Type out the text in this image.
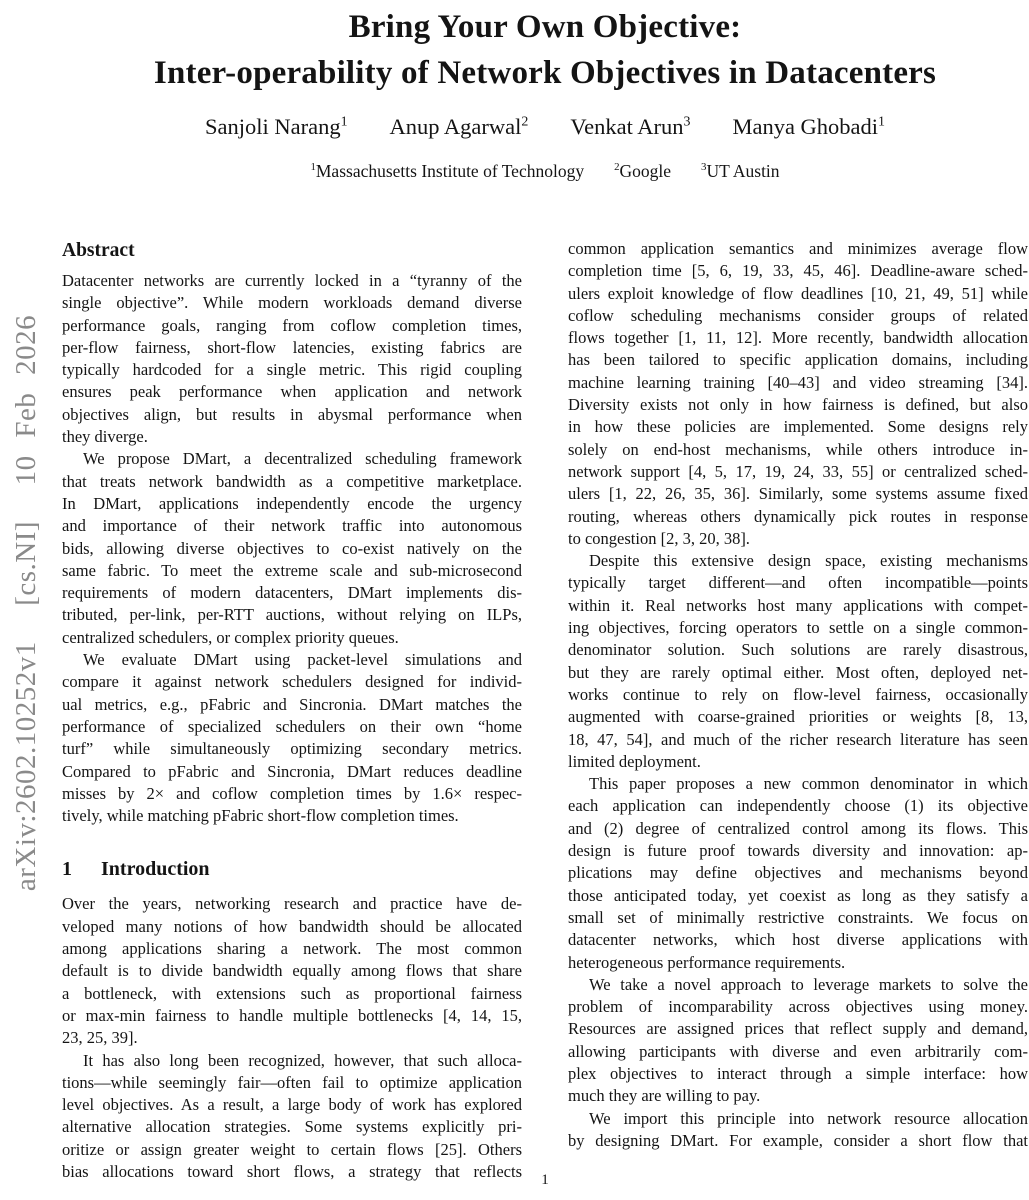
arXiv:2602.10252v1  [cs.NI]  10 Feb 2026
Bring Your Own Objective:
Inter-operability of Network Objectives in Datacenters
Sanjoli Narang$^1$ Anup Agarwal$^2$ Venkat Arun$^3$ Manya Ghobadi$^1$
$^1$Massachusetts Institute of Technology	$^2$Google	$^3$UT Austin
Abstract
Datacenter networks are currently locked in a “tyranny of the
single objective”. While modern workloads demand diverse
performance goals, ranging from coflow completion times,
per-flow fairness, short-flow latencies, existing fabrics are
typically hardcoded for a single metric. This rigid coupling
ensures peak performance when application and network
objectives align, but results in abysmal performance when
they diverge.
We propose DMart, a decentralized scheduling framework
that treats network bandwidth as a competitive marketplace.
In DMart, applications independently encode the urgency
and importance of their network traffic into autonomous
bids, allowing diverse objectives to co-exist natively on the
same fabric. To meet the extreme scale and sub-microsecond
requirements of modern datacenters, DMart implements dis-
tributed, per-link, per-RTT auctions, without relying on ILPs,
centralized schedulers, or complex priority queues.
We evaluate DMart using packet-level simulations and
compare it against network schedulers designed for individ-
ual metrics, e.g., pFabric and Sincronia. DMart matches the
performance of specialized schedulers on their own “home
turf” while simultaneously optimizing secondary metrics.
Compared to pFabric and Sincronia, DMart reduces deadline
misses by 2× and coflow completion times by 1.6× respec-
tively, while matching pFabric short-flow completion times.
1 Introduction
Over the years, networking research and practice have de-
veloped many notions of how bandwidth should be allocated
among applications sharing a network. The most common
default is to divide bandwidth equally among flows that share
a bottleneck, with extensions such as proportional fairness
or max-min fairness to handle multiple bottlenecks [4, 14, 15,
23, 25, 39].
It has also long been recognized, however, that such alloca-
tions—while seemingly fair—often fail to optimize application
level objectives. As a result, a large body of work has explored
alternative allocation strategies. Some systems explicitly pri-
oritize or assign greater weight to certain flows [25]. Others
bias allocations toward short flows, a strategy that reflects
common application semantics and minimizes average flow
completion time [5, 6, 19, 33, 45, 46]. Deadline-aware sched-
ulers exploit knowledge of flow deadlines [10, 21, 49, 51] while
coflow scheduling mechanisms consider groups of related
flows together [1, 11, 12]. More recently, bandwidth allocation
has been tailored to specific application domains, including
machine learning training [40–43] and video streaming [34].
Diversity exists not only in how fairness is defined, but also
in how these policies are implemented. Some designs rely
solely on end-host mechanisms, while others introduce in-
network support [4, 5, 17, 19, 24, 33, 55] or centralized sched-
ulers [1, 22, 26, 35, 36]. Similarly, some systems assume fixed
routing, whereas others dynamically pick routes in response
to congestion [2, 3, 20, 38].
Despite this extensive design space, existing mechanisms
typically target different—and often incompatible—points
within it. Real networks host many applications with compet-
ing objectives, forcing operators to settle on a single common-
denominator solution. Such solutions are rarely disastrous,
but they are rarely optimal either. Most often, deployed net-
works continue to rely on flow-level fairness, occasionally
augmented with coarse-grained priorities or weights [8, 13,
18, 47, 54], and much of the richer research literature has seen
limited deployment.
This paper proposes a new common denominator in which
each application can independently choose (1) its objective
and (2) degree of centralized control among its flows. This
design is future proof towards diversity and innovation: ap-
plications may define objectives and mechanisms beyond
those anticipated today, yet coexist as long as they satisfy a
small set of minimally restrictive constraints. We focus on
datacenter networks, which host diverse applications with
heterogeneous performance requirements.
We take a novel approach to leverage markets to solve the
problem of incomparability across objectives using money.
Resources are assigned prices that reflect supply and demand,
allowing participants with diverse and even arbitrarily com-
plex objectives to interact through a simple interface: how
much they are willing to pay.
We import this principle into network resource allocation
by designing DMart. For example, consider a short flow that
1
